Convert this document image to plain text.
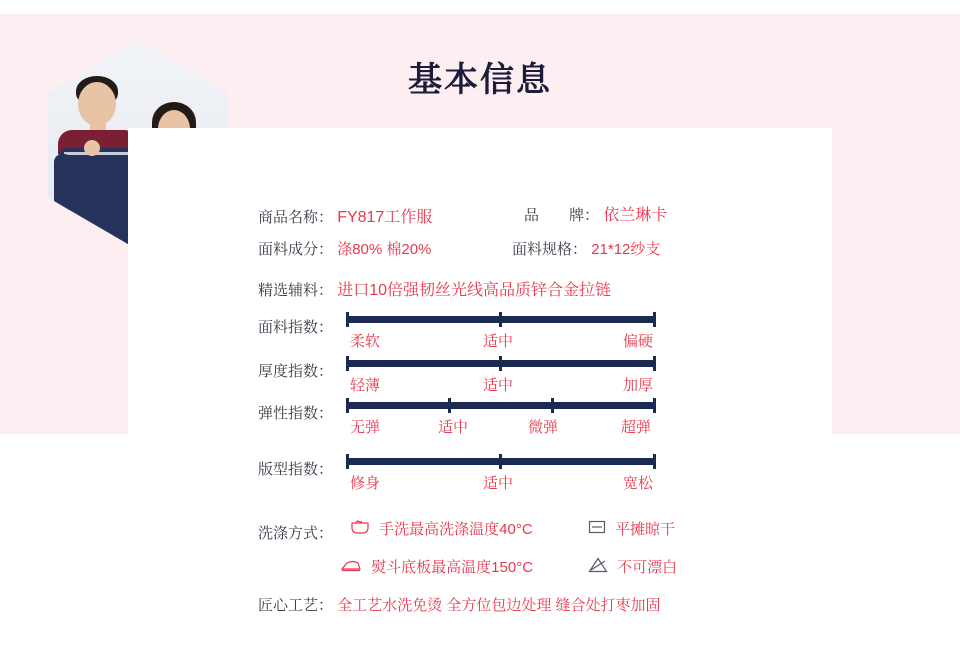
基本信息
商品名称： FY817工作服	品　　牌： 依兰琳卡
面料成分： 涤80% 棉20%	面料规格： 21*12纱支
精选辅料： 进口10倍强韧丝光线高品质锌合金拉链
面料指数：
柔软	适中	偏硬
厚度指数：
轻薄	适中	加厚
弹性指数：
无弹	适中	微弹	超弹
版型指数：
修身	适中	宽松
洗涤方式：	手洗最高洗涤温度40°C	平摊晾干
熨斗底板最高温度150°C	不可漂白
匠心工艺： 全工艺水洗免烫 全方位包边处理 缝合处打枣加固
